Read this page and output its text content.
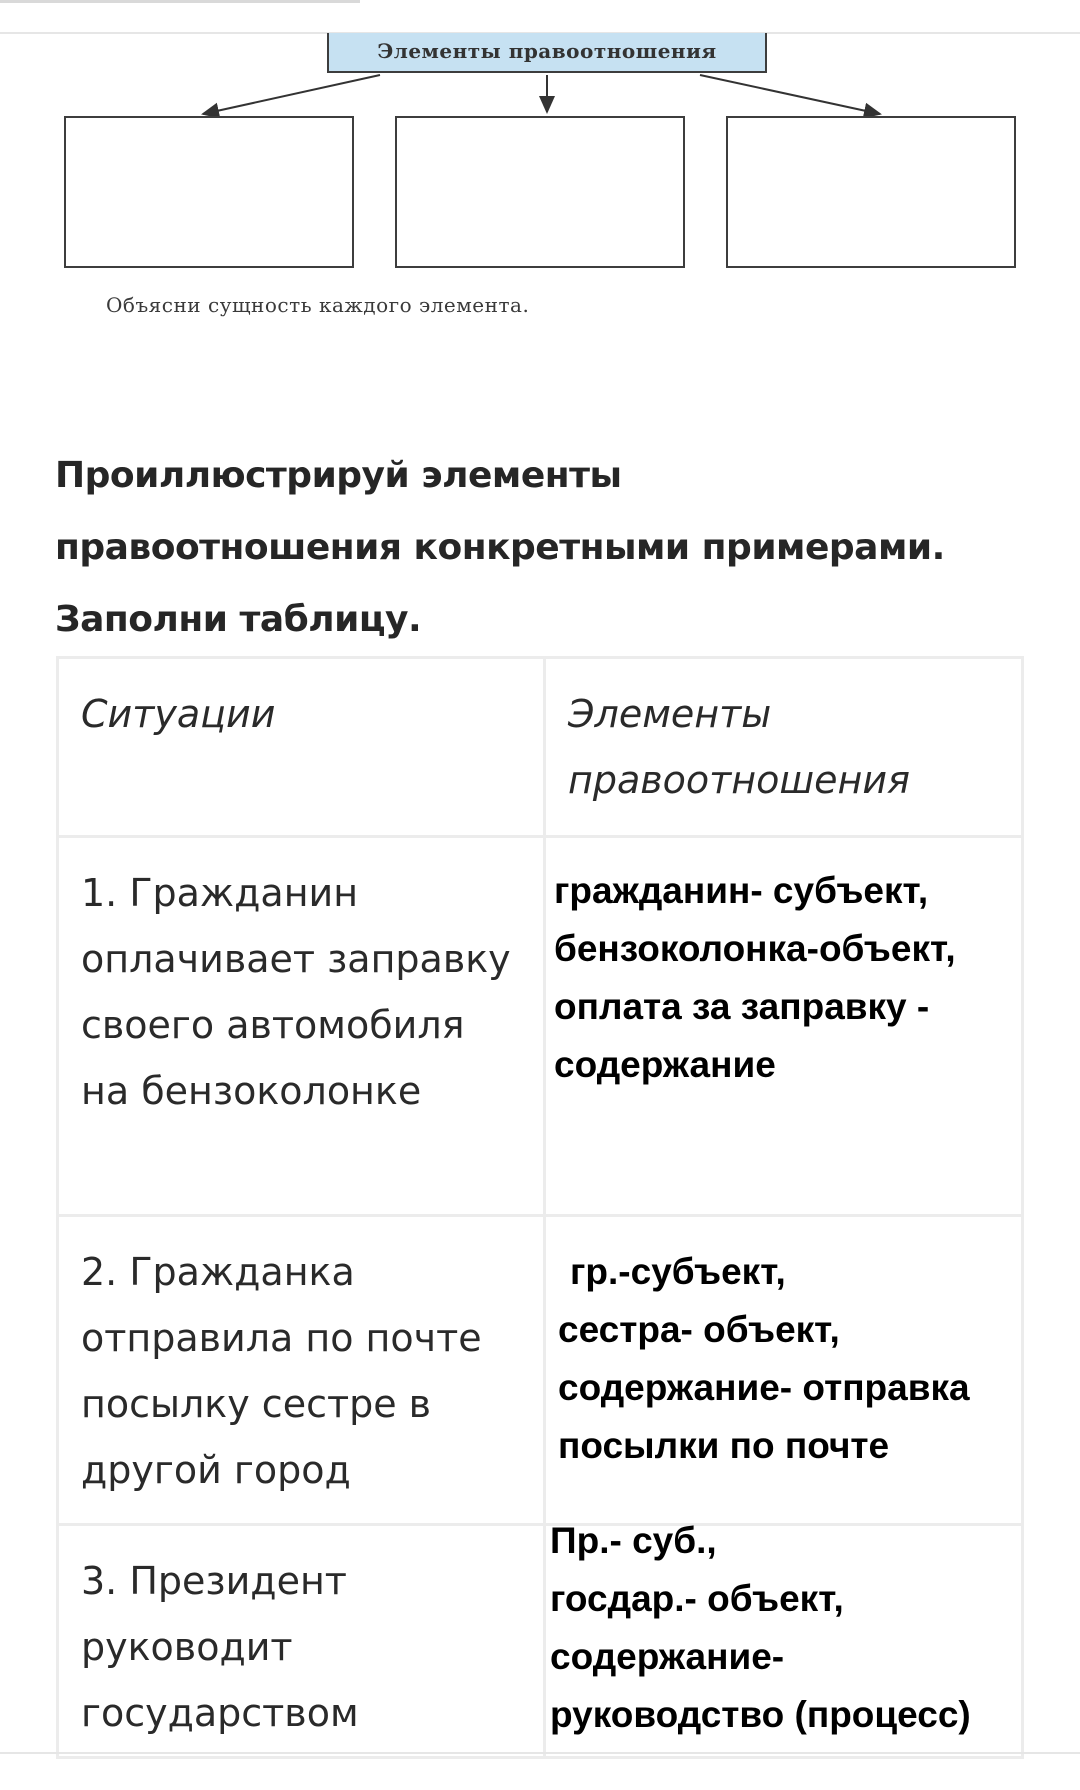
Элементы правоотношения
Объясни сущность каждого элемента.
Проиллюстрируй элементы
правоотношения конкретными примерами.
Заполни таблицу.
Ситуации	Элементы правоотношения

1. Гражданин оплачивает заправку своего автомобиля на бензоколонке	гражданин- субъект,
бензоколонка-объект,
оплата за заправку -
содержание

2. Гражданка отправила по почте посылку сестре в другой город	гр.-субъект,
сестра- объект,
содержание- отправка
посылки по почте

3. Президент руководит государством	Пр.- суб.,
госдар.- объект,
содержание-
руководство (процесс)
